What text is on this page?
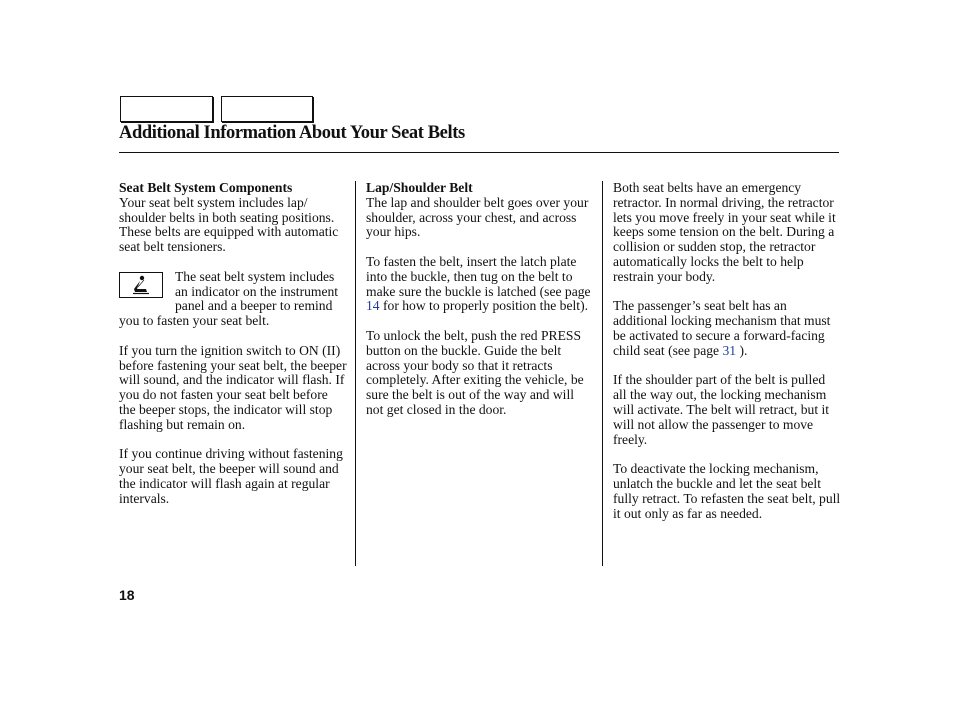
Additional Information About Your Seat Belts

Seat Belt System Components
Your seat belt system includes lap/ shoulder belts in both seating positions. These belts are equipped with automatic seat belt tensioners.

The seat belt system includes an indicator on the instrument panel and a beeper to remind you to fasten your seat belt.

If you turn the ignition switch to ON (II) before fastening your seat belt, the beeper will sound, and the indicator will flash. If you do not fasten your seat belt before the beeper stops, the indicator will stop flashing but remain on.

If you continue driving without fastening your seat belt, the beeper will sound and the indicator will flash again at regular intervals.

Lap/Shoulder Belt
The lap and shoulder belt goes over your shoulder, across your chest, and across your hips.

To fasten the belt, insert the latch plate into the buckle, then tug on the belt to make sure the buckle is latched (see page 14 for how to properly position the belt).

To unlock the belt, push the red PRESS button on the buckle. Guide the belt across your body so that it retracts completely. After exiting the vehicle, be sure the belt is out of the way and will not get closed in the door.

Both seat belts have an emergency retractor. In normal driving, the retractor lets you move freely in your seat while it keeps some tension on the belt. During a collision or sudden stop, the retractor automatically locks the belt to help restrain your body.

The passenger’s seat belt has an additional locking mechanism that must be activated to secure a forward-facing child seat (see page 31 ).

If the shoulder part of the belt is pulled all the way out, the locking mechanism will activate. The belt will retract, but it will not allow the passenger to move freely.

To deactivate the locking mechanism, unlatch the buckle and let the seat belt fully retract. To refasten the seat belt, pull it out only as far as needed.

18
